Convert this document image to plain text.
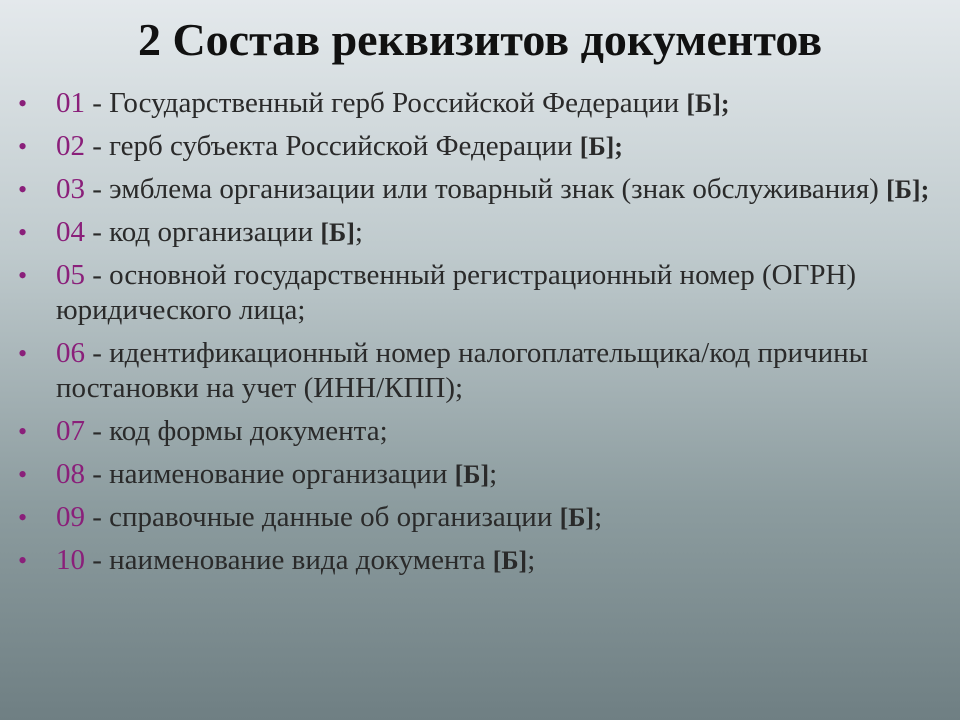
2 Состав реквизитов документов
• 01 - Государственный герб Российской Федерации [Б];
• 02 - герб субъекта Российской Федерации [Б];
• 03 - эмблема организации или товарный знак (знак обслуживания) [Б];
• 04 - код организации [Б];
• 05 - основной государственный регистрационный номер (ОГРН) юридического лица;
• 06 - идентификационный номер налогоплательщика/код причины постановки на учет (ИНН/КПП);
• 07 - код формы документа;
• 08 - наименование организации [Б];
• 09 - справочные данные об организации [Б];
• 10 - наименование вида документа [Б];
